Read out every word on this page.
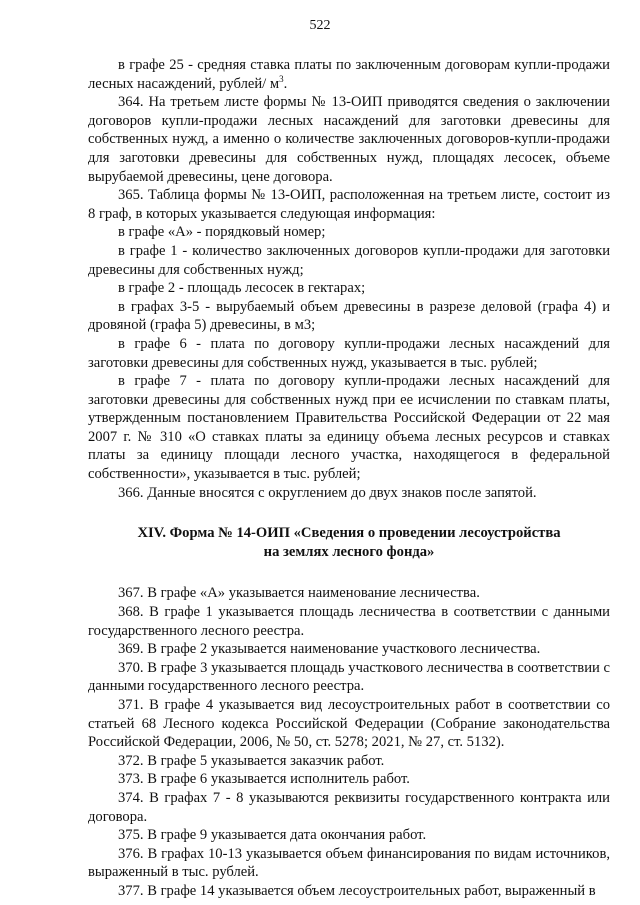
522

в графе 25 - средняя ставка платы по заключенным договорам купли-продажи лесных насаждений, рублей/ $м^3$.

364. На третьем листе формы № 13-ОИП приводятся сведения о заключении договоров купли-продажи лесных насаждений для заготовки древесины для собственных нужд, а именно о количестве заключенных договоров-купли-продажи для заготовки древесины для собственных нужд, площадях лесосек, объеме вырубаемой древесины, цене договора.

365. Таблица формы № 13-ОИП, расположенная на третьем листе, состоит из 8 граф, в которых указывается следующая информация:

в графе «А» - порядковый номер;

в графе 1 - количество заключенных договоров купли-продажи для заготовки древесины для собственных нужд;

в графе 2 - площадь лесосек в гектарах;

в графах 3-5 - вырубаемый объем древесины в разрезе деловой (графа 4) и дровяной (графа 5) древесины, в м3;

в графе 6 - плата по договору купли-продажи лесных насаждений для заготовки древесины для собственных нужд, указывается в тыс. рублей;

в графе 7 - плата по договору купли-продажи лесных насаждений для заготовки древесины для собственных нужд при ее исчислении по ставкам платы, утвержденным постановлением Правительства Российской Федерации от 22 мая 2007 г. № 310 «О ставках платы за единицу объема лесных ресурсов и ставках платы за единицу площади лесного участка, находящегося в федеральной собственности», указывается в тыс. рублей;

366. Данные вносятся с округлением до двух знаков после запятой.

XIV. Форма № 14-ОИП «Сведения о проведении лесоустройства
на землях лесного фонда»

367. В графе «А» указывается наименование лесничества.

368. В графе 1 указывается площадь лесничества в соответствии с данными государственного лесного реестра.

369. В графе 2 указывается наименование участкового лесничества.

370. В графе 3 указывается площадь участкового лесничества в соответствии с данными государственного лесного реестра.

371. В графе 4 указывается вид лесоустроительных работ в соответствии со статьей 68 Лесного кодекса Российской Федерации (Собрание законодательства Российской Федерации, 2006, № 50, ст. 5278; 2021, № 27, ст. 5132).

372. В графе 5 указывается заказчик работ.

373. В графе 6 указывается исполнитель работ.

374. В графах 7 - 8 указываются реквизиты государственного контракта или договора.

375. В графе 9 указывается дата окончания работ.

376. В графах 10-13 указывается объем финансирования по видам источников, выраженный в тыс. рублей.

377. В графе 14 указывается объем лесоустроительных работ, выраженный в
